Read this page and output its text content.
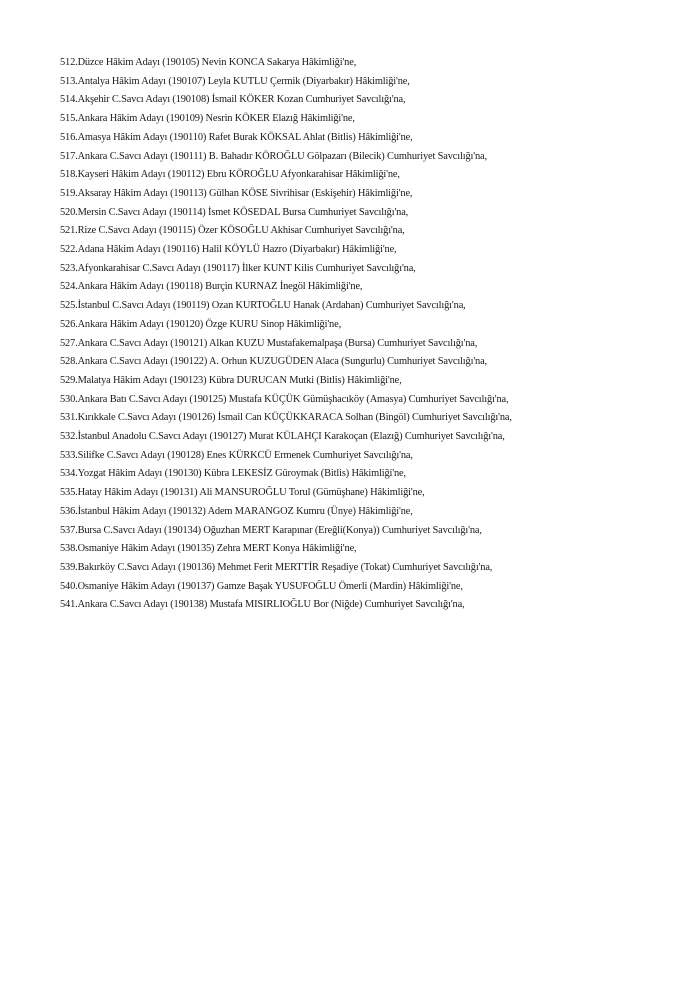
512.Düzce Hâkim Adayı (190105) Nevin KONCA Sakarya Hâkimliği'ne,
513.Antalya Hâkim Adayı (190107) Leyla KUTLU Çermik (Diyarbakır) Hâkimliği'ne,
514.Akşehir C.Savcı Adayı (190108) İsmail KÖKER Kozan Cumhuriyet Savcılığı'na,
515.Ankara Hâkim Adayı (190109) Nesrin KÖKER Elazığ Hâkimliği'ne,
516.Amasya Hâkim Adayı (190110) Rafet Burak KÖKSAL Ahlat (Bitlis) Hâkimliği'ne,
517.Ankara C.Savcı Adayı (190111) B. Bahadır KÖROĞLU Gölpazarı (Bilecik) Cumhuriyet Savcılığı'na,
518.Kayseri Hâkim Adayı (190112) Ebru KÖROĞLU Afyonkarahisar Hâkimliği'ne,
519.Aksaray Hâkim Adayı (190113) Gülhan KÖSE Sivrihisar (Eskişehir) Hâkimliği'ne,
520.Mersin C.Savcı Adayı (190114) İsmet KÖSEDAL Bursa Cumhuriyet Savcılığı'na,
521.Rize C.Savcı Adayı (190115) Özer KÖSOĞLU Akhisar Cumhuriyet Savcılığı'na,
522.Adana Hâkim Adayı (190116) Halil KÖYLÜ Hazro (Diyarbakır) Hâkimliği'ne,
523.Afyonkarahisar C.Savcı Adayı (190117) İlker KUNT Kilis Cumhuriyet Savcılığı'na,
524.Ankara Hâkim Adayı (190118) Burçin KURNAZ İnegöl Hâkimliği'ne,
525.İstanbul C.Savcı Adayı (190119) Ozan KURTOĞLU Hanak (Ardahan) Cumhuriyet Savcılığı'na,
526.Ankara Hâkim Adayı (190120) Özge KURU Sinop Hâkimliği'ne,
527.Ankara C.Savcı Adayı (190121) Alkan KUZU Mustafakemalpaşa (Bursa) Cumhuriyet Savcılığı'na,
528.Ankara C.Savcı Adayı (190122) A. Orhun KUZUGÜDEN Alaca (Sungurlu) Cumhuriyet Savcılığı'na,
529.Malatya Hâkim Adayı (190123) Kübra DURUCAN Mutki (Bitlis) Hâkimliği'ne,
530.Ankara Batı C.Savcı Adayı (190125) Mustafa KÜÇÜK Gümüşhacıköy (Amasya) Cumhuriyet Savcılığı'na,
531.Kırıkkale C.Savcı Adayı (190126) İsmail Can KÜÇÜKKARACA Solhan (Bingöl) Cumhuriyet Savcılığı'na,
532.İstanbul Anadolu C.Savcı Adayı (190127) Murat KÜLAHÇI Karakoçan (Elazığ) Cumhuriyet Savcılığı'na,
533.Silifke C.Savcı Adayı (190128) Enes KÜRKCÜ Ermenek Cumhuriyet Savcılığı'na,
534.Yozgat Hâkim Adayı (190130) Kübra LEKESİZ Güroymak (Bitlis) Hâkimliği'ne,
535.Hatay Hâkim Adayı (190131) Ali MANSUROĞLU Torul (Gümüşhane) Hâkimliği'ne,
536.İstanbul Hâkim Adayı (190132) Adem MARANGOZ Kumru (Ünye) Hâkimliği'ne,
537.Bursa C.Savcı Adayı (190134) Oğuzhan MERT Karapınar (Ereğli(Konya)) Cumhuriyet Savcılığı'na,
538.Osmaniye Hâkim Adayı (190135) Zehra MERT Konya Hâkimliği'ne,
539.Bakırköy C.Savcı Adayı (190136) Mehmet Ferit MERTTİR Reşadiye (Tokat) Cumhuriyet Savcılığı'na,
540.Osmaniye Hâkim Adayı (190137) Gamze Başak YUSUFOĞLU Ömerli (Mardin) Hâkimliği'ne,
541.Ankara C.Savcı Adayı (190138) Mustafa MISIRLIOĞLU Bor (Niğde) Cumhuriyet Savcılığı'na,
